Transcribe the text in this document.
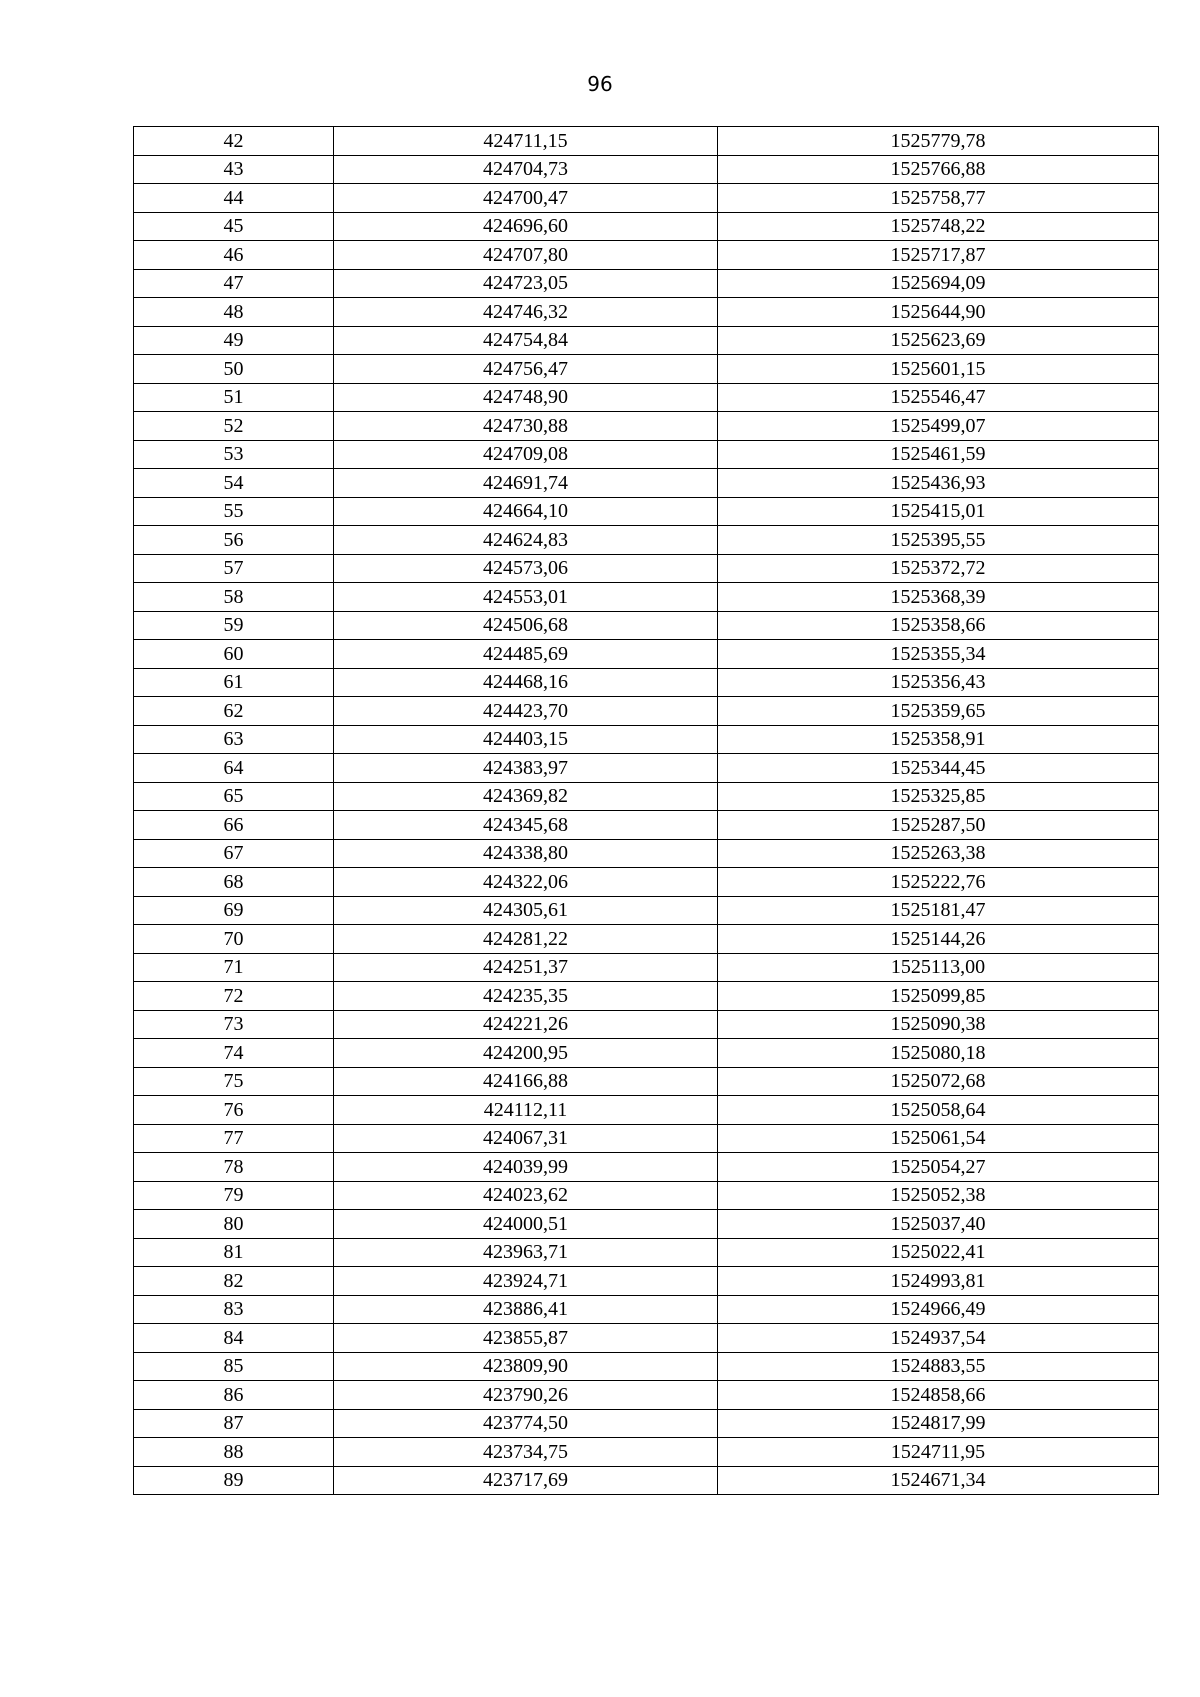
96
42	424711,15	1525779,78
43	424704,73	1525766,88
44	424700,47	1525758,77
45	424696,60	1525748,22
46	424707,80	1525717,87
47	424723,05	1525694,09
48	424746,32	1525644,90
49	424754,84	1525623,69
50	424756,47	1525601,15
51	424748,90	1525546,47
52	424730,88	1525499,07
53	424709,08	1525461,59
54	424691,74	1525436,93
55	424664,10	1525415,01
56	424624,83	1525395,55
57	424573,06	1525372,72
58	424553,01	1525368,39
59	424506,68	1525358,66
60	424485,69	1525355,34
61	424468,16	1525356,43
62	424423,70	1525359,65
63	424403,15	1525358,91
64	424383,97	1525344,45
65	424369,82	1525325,85
66	424345,68	1525287,50
67	424338,80	1525263,38
68	424322,06	1525222,76
69	424305,61	1525181,47
70	424281,22	1525144,26
71	424251,37	1525113,00
72	424235,35	1525099,85
73	424221,26	1525090,38
74	424200,95	1525080,18
75	424166,88	1525072,68
76	424112,11	1525058,64
77	424067,31	1525061,54
78	424039,99	1525054,27
79	424023,62	1525052,38
80	424000,51	1525037,40
81	423963,71	1525022,41
82	423924,71	1524993,81
83	423886,41	1524966,49
84	423855,87	1524937,54
85	423809,90	1524883,55
86	423790,26	1524858,66
87	423774,50	1524817,99
88	423734,75	1524711,95
89	423717,69	1524671,34
